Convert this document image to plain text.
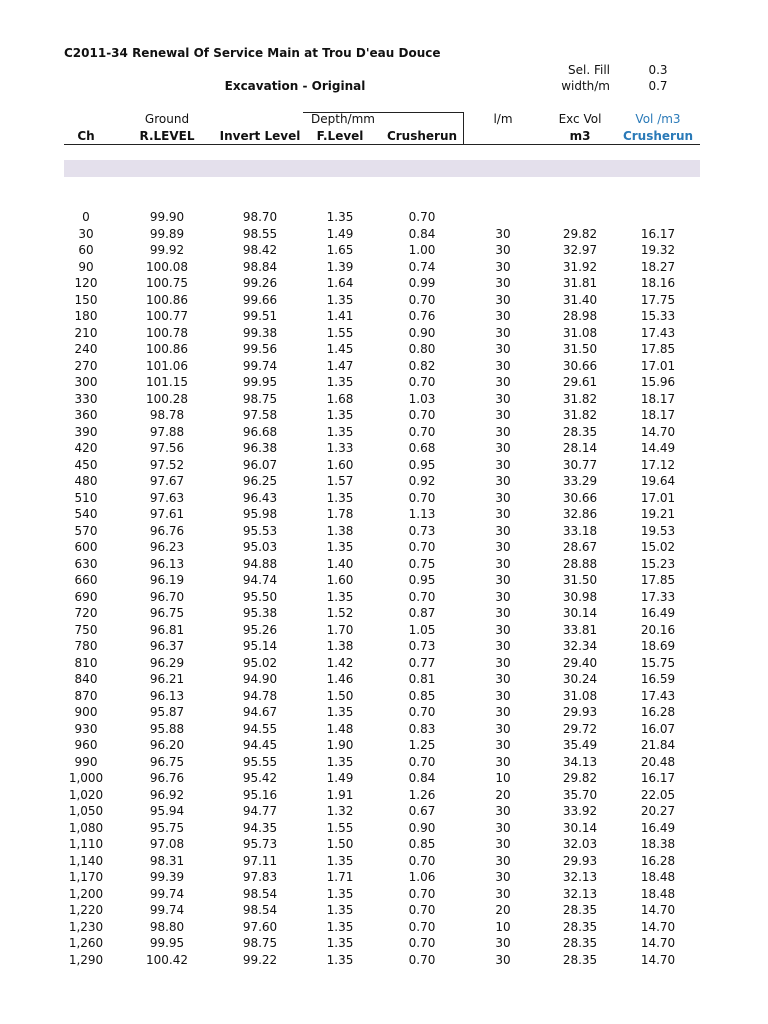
C2011-34 Renewal Of Service Main at Trou D'eau Douce
Sel. Fill	0.3
width/m	0.7
Excavation - Original
Ground	Depth/mm	l/m	Exc Vol	Vol /m3
Ch	R.LEVEL	Invert Level	F.Level	Crusherun	m3	Crusherun
0	99.90	98.70	1.35	0.70
30	99.89	98.55	1.49	0.84	30	29.82	16.17
60	99.92	98.42	1.65	1.00	30	32.97	19.32
90	100.08	98.84	1.39	0.74	30	31.92	18.27
120	100.75	99.26	1.64	0.99	30	31.81	18.16
150	100.86	99.66	1.35	0.70	30	31.40	17.75
180	100.77	99.51	1.41	0.76	30	28.98	15.33
210	100.78	99.38	1.55	0.90	30	31.08	17.43
240	100.86	99.56	1.45	0.80	30	31.50	17.85
270	101.06	99.74	1.47	0.82	30	30.66	17.01
300	101.15	99.95	1.35	0.70	30	29.61	15.96
330	100.28	98.75	1.68	1.03	30	31.82	18.17
360	98.78	97.58	1.35	0.70	30	31.82	18.17
390	97.88	96.68	1.35	0.70	30	28.35	14.70
420	97.56	96.38	1.33	0.68	30	28.14	14.49
450	97.52	96.07	1.60	0.95	30	30.77	17.12
480	97.67	96.25	1.57	0.92	30	33.29	19.64
510	97.63	96.43	1.35	0.70	30	30.66	17.01
540	97.61	95.98	1.78	1.13	30	32.86	19.21
570	96.76	95.53	1.38	0.73	30	33.18	19.53
600	96.23	95.03	1.35	0.70	30	28.67	15.02
630	96.13	94.88	1.40	0.75	30	28.88	15.23
660	96.19	94.74	1.60	0.95	30	31.50	17.85
690	96.70	95.50	1.35	0.70	30	30.98	17.33
720	96.75	95.38	1.52	0.87	30	30.14	16.49
750	96.81	95.26	1.70	1.05	30	33.81	20.16
780	96.37	95.14	1.38	0.73	30	32.34	18.69
810	96.29	95.02	1.42	0.77	30	29.40	15.75
840	96.21	94.90	1.46	0.81	30	30.24	16.59
870	96.13	94.78	1.50	0.85	30	31.08	17.43
900	95.87	94.67	1.35	0.70	30	29.93	16.28
930	95.88	94.55	1.48	0.83	30	29.72	16.07
960	96.20	94.45	1.90	1.25	30	35.49	21.84
990	96.75	95.55	1.35	0.70	30	34.13	20.48
1,000	96.76	95.42	1.49	0.84	10	29.82	16.17
1,020	96.92	95.16	1.91	1.26	20	35.70	22.05
1,050	95.94	94.77	1.32	0.67	30	33.92	20.27
1,080	95.75	94.35	1.55	0.90	30	30.14	16.49
1,110	97.08	95.73	1.50	0.85	30	32.03	18.38
1,140	98.31	97.11	1.35	0.70	30	29.93	16.28
1,170	99.39	97.83	1.71	1.06	30	32.13	18.48
1,200	99.74	98.54	1.35	0.70	30	32.13	18.48
1,220	99.74	98.54	1.35	0.70	20	28.35	14.70
1,230	98.80	97.60	1.35	0.70	10	28.35	14.70
1,260	99.95	98.75	1.35	0.70	30	28.35	14.70
1,290	100.42	99.22	1.35	0.70	30	28.35	14.70
